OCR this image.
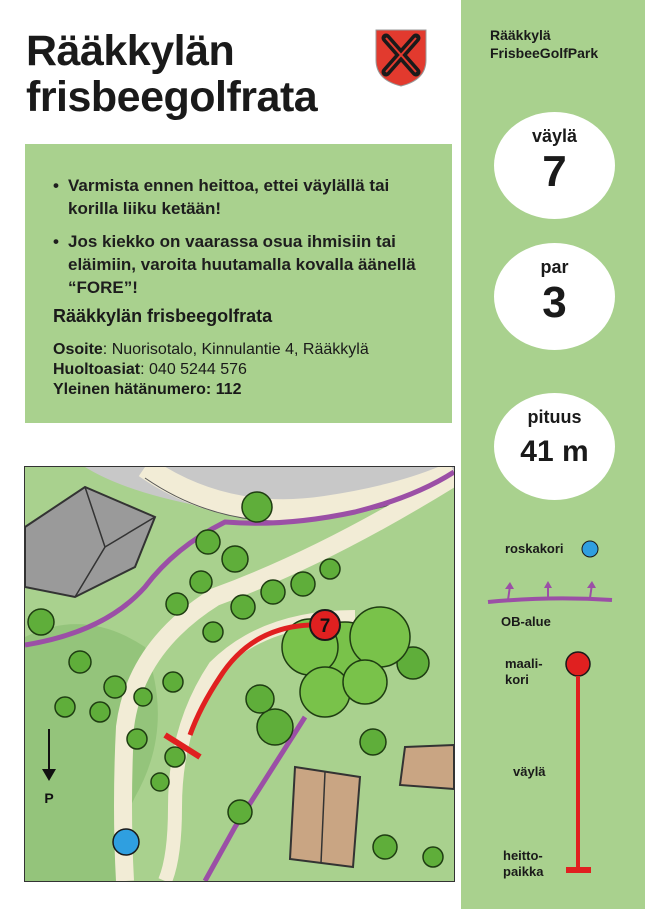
Rääkkylän
frisbeegolfrata
• Varmista ennen heittoa, ettei väylällä tai korilla liiku ketään!
• Jos kiekko on vaarassa osua ihmisiin tai eläimiin, varoita huutamalla kovalla äänellä “FORE”!
Rääkkylän frisbeegolfrata
Osoite: Nuorisotalo, Kinnulantie 4, Rääkkylä
Huoltoasiat: 040 5244 576
Yleinen hätänumero: 112
7
P
Rääkkylä
FrisbeeGolfPark
väylä
7
par
3
pituus
41 m
roskakori
OB-alue
maali-
kori
väylä
heitto-
paikka
